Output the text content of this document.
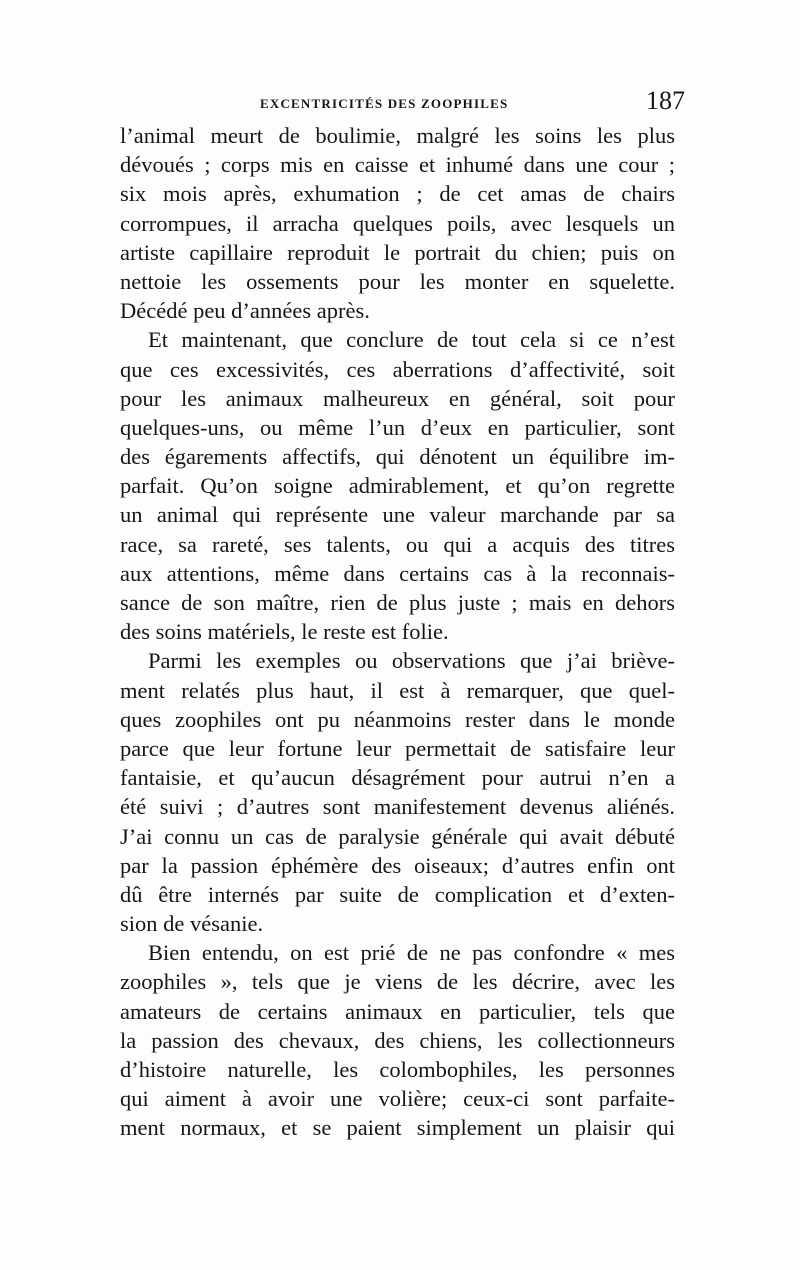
EXCENTRICITÉS DES ZOOPHILES	187
l’animal meurt de boulimie, malgré les soins les plus
dévoués ; corps mis en caisse et inhumé dans une cour ;
six mois après, exhumation ; de cet amas de chairs
corrompues, il arracha quelques poils, avec lesquels un
artiste capillaire reproduit le portrait du chien; puis on
nettoie les ossements pour les monter en squelette.
Décédé peu d’années après.
Et maintenant, que conclure de tout cela si ce n’est
que ces excessivités, ces aberrations d’affectivité, soit
pour les animaux malheureux en général, soit pour
quelques-uns, ou même l’un d’eux en particulier, sont
des égarements affectifs, qui dénotent un équilibre im-
parfait. Qu’on soigne admirablement, et qu’on regrette
un animal qui représente une valeur marchande par sa
race, sa rareté, ses talents, ou qui a acquis des titres
aux attentions, même dans certains cas à la reconnais-
sance de son maître, rien de plus juste ; mais en dehors
des soins matériels, le reste est folie.
Parmi les exemples ou observations que j’ai briève-
ment relatés plus haut, il est à remarquer, que quel-
ques zoophiles ont pu néanmoins rester dans le monde
parce que leur fortune leur permettait de satisfaire leur
fantaisie, et qu’aucun désagrément pour autrui n’en a
été suivi ; d’autres sont manifestement devenus aliénés.
J’ai connu un cas de paralysie générale qui avait débuté
par la passion éphémère des oiseaux; d’autres enfin ont
dû être internés par suite de complication et d’exten-
sion de vésanie.
Bien entendu, on est prié de ne pas confondre « mes
zoophiles », tels que je viens de les décrire, avec les
amateurs de certains animaux en particulier, tels que
la passion des chevaux, des chiens, les collectionneurs
d’histoire naturelle, les colombophiles, les personnes
qui aiment à avoir une volière; ceux-ci sont parfaite-
ment normaux, et se paient simplement un plaisir qui
